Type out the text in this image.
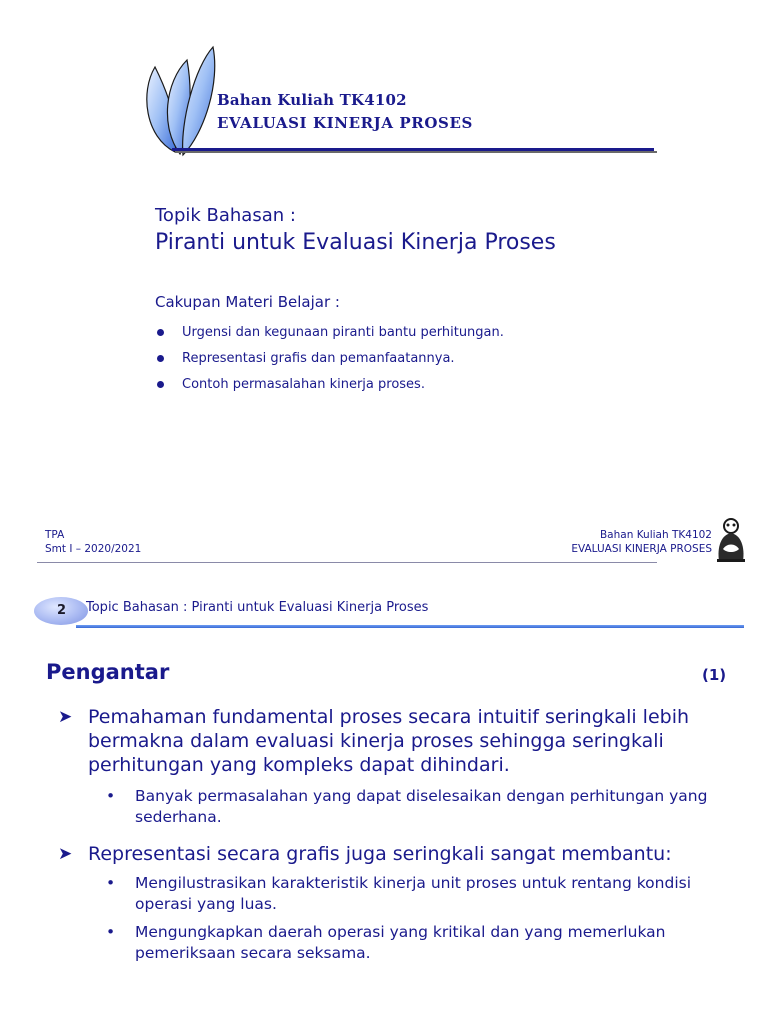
Bahan Kuliah TK4102
EVALUASI KINERJA PROSES
Topik Bahasan :
Piranti untuk Evaluasi Kinerja Proses
Cakupan Materi Belajar :
Urgensi dan kegunaan piranti bantu perhitungan.
Representasi grafis dan pemanfaatannya.
Contoh permasalahan kinerja proses.
TPA
Smt I – 2020/2021
Bahan Kuliah TK4102
EVALUASI KINERJA PROSES
2 Topic Bahasan : Piranti untuk Evaluasi Kinerja Proses
Pengantar	(1)
➤ Pemahaman fundamental proses secara intuitif seringkali lebih bermakna dalam evaluasi kinerja proses sehingga seringkali perhitungan yang kompleks dapat dihindari.
• Banyak permasalahan yang dapat diselesaikan dengan perhitungan yang sederhana.
➤ Representasi secara grafis juga seringkali sangat membantu:
• Mengilustrasikan karakteristik kinerja unit proses untuk rentang kondisi operasi yang luas.
• Mengungkapkan daerah operasi yang kritikal dan yang memerlukan pemeriksaan secara seksama.
